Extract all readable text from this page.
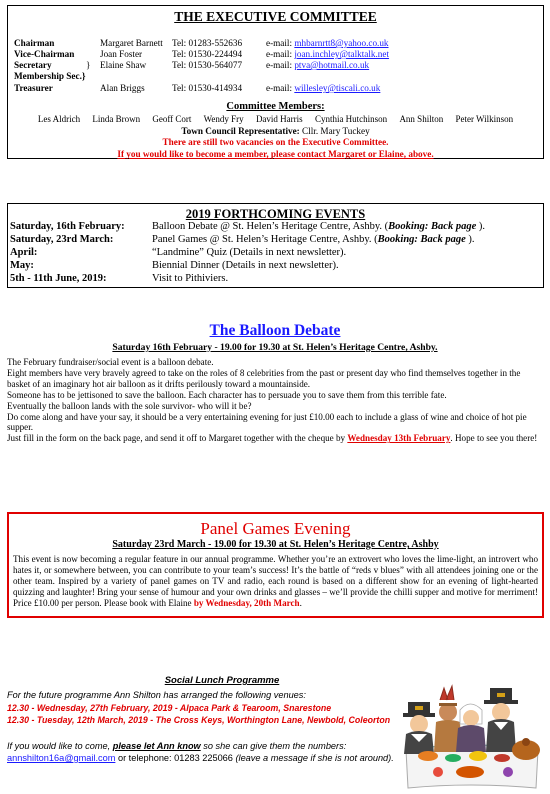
THE EXECUTIVE COMMITTEE
Chairman	Margaret Barnett Tel: 01283-552636	e-mail: mhbarnrtt8@yahoo.co.uk
Vice-Chairman	Joan Foster	Tel: 01530-224494	e-mail: joan.inchley@talktalk.net
Secretary	} Elaine Shaw	Tel: 01530-564077	e-mail: ptva@hotmail.co.uk
Membership Sec.}
Treasurer	Alan Briggs	Tel: 01530-414934	e-mail: willesley@tiscali.co.uk
Committee Members:
Les Aldrich Linda Brown Geoff Cort Wendy Fry David Harris Cynthia Hutchinson Ann Shilton Peter Wilkinson
Town Council Representative: Cllr. Mary Tuckey
There are still two vacancies on the Executive Committee.
If you would like to become a member, please contact Margaret or Elaine, above.
2019 FORTHCOMING EVENTS
Saturday, 16th February:	Balloon Debate @ St. Helen’s Heritage Centre, Ashby. (Booking: Back page ).
Saturday, 23rd March:	Panel Games @ St. Helen’s Heritage Centre, Ashby. (Booking: Back page ).
April:	“Landmine” Quiz (Details in next newsletter).
May:	Biennial Dinner (Details in next newsletter).
5th - 11th June, 2019:	Visit to Pithiviers.
The Balloon Debate
Saturday 16th February - 19.00 for 19.30 at St. Helen’s Heritage Centre, Ashby.

The February fundraiser/social event is a balloon debate.

Eight members have very bravely agreed to take on the roles of 8 celebrities from the past or present day who find themselves together in the basket of an imaginary hot air balloon as it drifts perilously toward a mountainside.

Someone has to be jettisoned to save the balloon. Each character has to persuade you to save them from this terrible fate.

Eventually the balloon lands with the sole survivor- who will it be?

Do come along and have your say, it should be a very entertaining evening for just £10.00 each to include a glass of wine and choice of hot pie supper.

Just fill in the form on the back page, and send it off to Margaret together with the cheque by Wednesday 13th February. Hope to see you there!

Panel Games Evening
Saturday 23rd March - 19.00 for 19.30 at St. Helen’s Heritage Centre, Ashby
This event is now becoming a regular feature in our annual programme. Whether you’re an extrovert who loves the lime-light, an introvert who hates it, or somewhere between, you can contribute to your team’s success! It’s the battle of “reds v blues” with all attendees joining one or the other team. Inspired by a variety of panel games on TV and radio, each round is based on a different show for an evening of light-hearted quizzing and laughter! Bring your sense of humour and your own drinks and glasses – we’ll provide the chilli supper and motive for merriment! Price £10.00 per person. Please book with Elaine by Wednesday, 20th March.
Social Lunch Programme
For the future programme Ann Shilton has arranged the following venues:
12.30 - Wednesday, 27th February, 2019 - Alpaca Park & Tearoom, Snarestone
12.30 - Tuesday, 12th March, 2019 - The Cross Keys, Worthington Lane, Newbold, Coleorton
If you would like to come, please let Ann know so she can give them the numbers: annshilton16a@gmail.com or telephone: 01283 225066 (leave a message if she is not around).
